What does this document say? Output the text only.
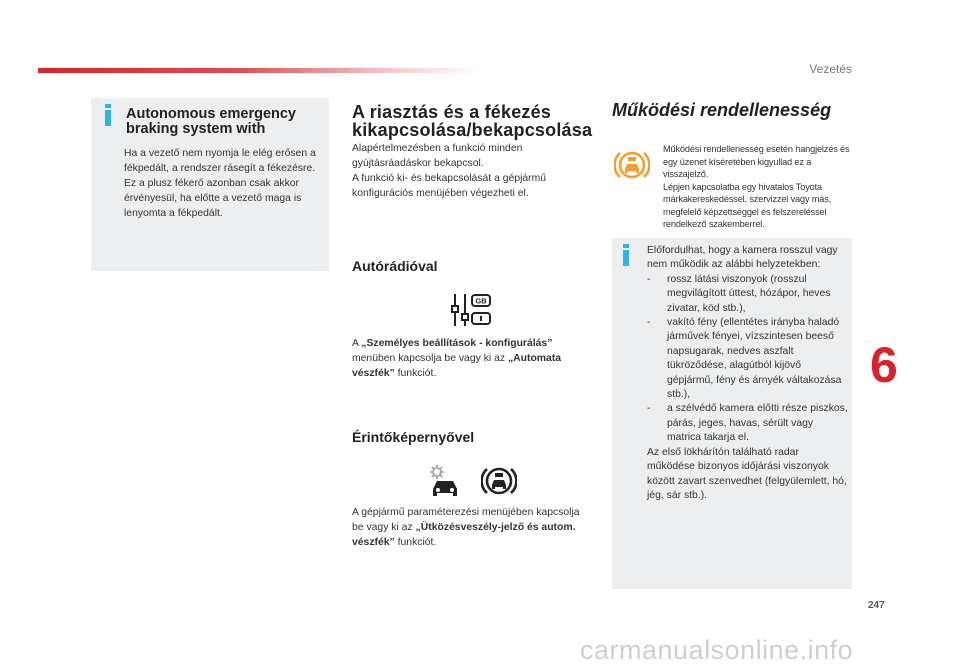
Vezetés
Autonomous emergency braking system with
Ha a vezető nem nyomja le elég erősen a fékpedált, a rendszer rásegít a fékezésre.
Ez a plusz fékerő azonban csak akkor érvényesül, ha előtte a vezető maga is lenyomta a fékpedált.
A riasztás és a fékezés kikapcsolása/bekapcsolása
Alapértelmezésben a funkció minden gyújtásráadáskor bekapcsol.
A funkció ki- és bekapcsolását a gépjármű konfigurációs menüjében végezheti el.
Autórádióval
GB
A „Személyes beállítások - konfigurálás” menüben kapcsolja be vagy ki az „Automata vészfék” funkciót.
Érintőképernyővel
A gépjármű paraméterezési menüjében kapcsolja be vagy ki az „Ütközésveszély-jelző és autom. vészfék” funkciót.
Működési rendellenesség
Működési rendellenesség esetén hangjelzés és egy üzenet kíséretében kigyullad ez a visszajelző.
Lépjen kapcsolatba egy hivatalos Toyota márkakereskedéssel, szervizzel vagy más, megfelelő képzettséggel és felszereléssel rendelkező szakemberrel.
Előfordulhat, hogy a kamera rosszul vagy nem működik az alábbi helyzetekben:
- rossz látási viszonyok (rosszul megvilágított úttest, hózápor, heves zivatar, köd stb.),
- vakító fény (ellentétes irányba haladó járművek fényei, vízszintesen beeső napsugarak, nedves aszfalt tükröződése, alagútból kijövő gépjármű, fény és árnyék váltakozása stb.),
- a szélvédő kamera előtti része piszkos, párás, jeges, havas, sérült vagy matrica takarja el.
Az első lökhárítón található radar működése bizonyos időjárási viszonyok között zavart szenvedhet (felgyülemlett, hó, jég, sár stb.).
6
247
carmanualsonline.info
